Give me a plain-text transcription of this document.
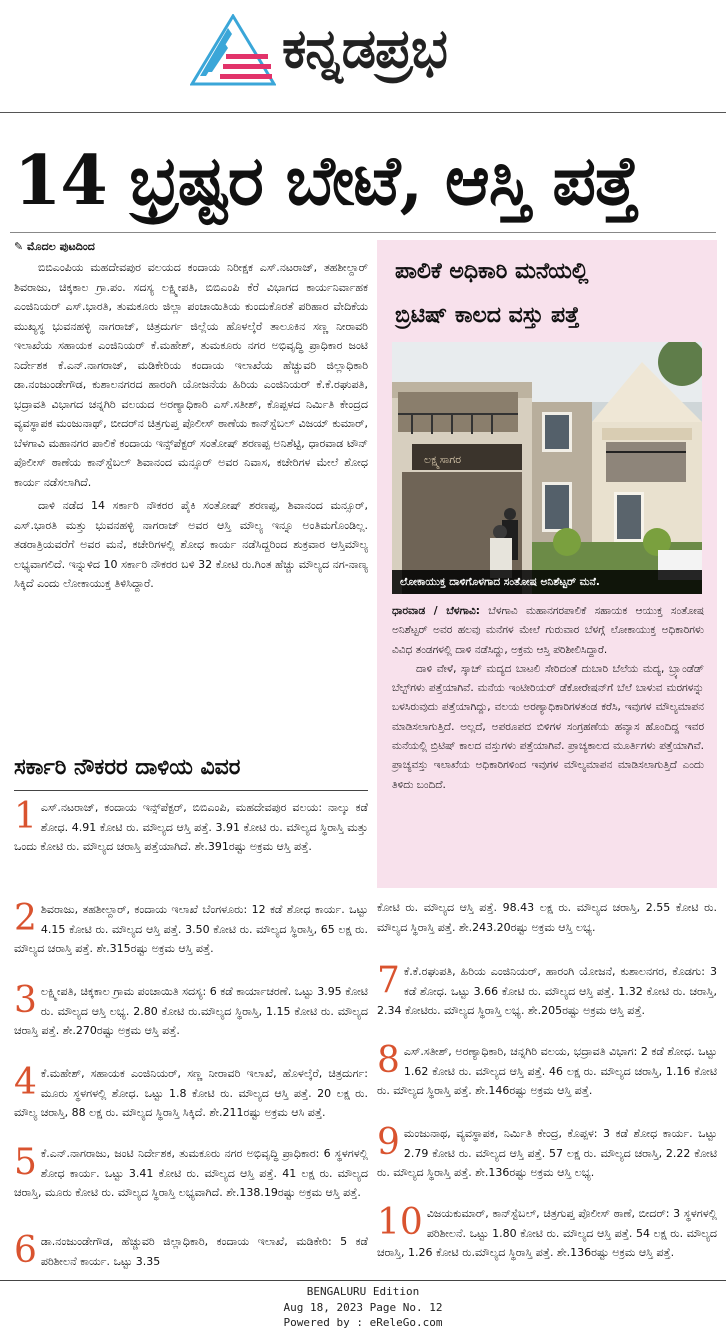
ಕನ್ನಡಪ್ರಭ
14 ಭ್ರಷ್ಟರ ಬೇಟೆ, ಆಸ್ತಿ ಪತ್ತೆ
✎ ಮೊದಲ ಪುಟದಿಂದ

ಬಿಬಿಎಂಪಿಯ ಮಹದೇವಪುರ ವಲಯದ ಕಂದಾಯ ನಿರೀಕ್ಷಕ ಎಸ್.ನಟರಾಜ್, ತಹಶೀಲ್ದಾರ್ ಶಿವರಾಜು, ಚಿಕ್ಕಕಾಲ ಗ್ರಾ.ಪಂ. ಸದಸ್ಯ ಲಕ್ಷ್ಮೀಪತಿ, ಬಿಬಿಎಂಪಿ ಕೆರೆ ವಿಭಾಗದ ಕಾರ್ಯನಿರ್ವಾಹಕ ಎಂಜಿನಿಯರ್ ಎಸ್.ಭಾರತಿ, ತುಮಕೂರು ಜಿಲ್ಲಾ ಪಂಚಾಯಿತಿಯ ಕುಂದುಕೊರತೆ ಪರಿಹಾರ ವೇದಿಕೆಯ ಮುಖ್ಯಸ್ಥ ಭುವನಹಳ್ಳಿ ನಾಗರಾಜ್, ಚಿತ್ರದುರ್ಗ ಜಿಲ್ಲೆಯ ಹೊಳಲ್ಕೆರೆ ತಾಲೂಕಿನ ಸಣ್ಣ ನೀರಾವರಿ ಇಲಾಖೆಯ ಸಹಾಯಕ ಎಂಜಿನಿಯರ್ ಕೆ.ಮಹೇಶ್, ತುಮಕೂರು ನಗರ ಅಭಿವೃದ್ಧಿ ಪ್ರಾಧಿಕಾರ ಜಂಟಿ ನಿರ್ದೇಶಕ ಕೆ.ಎನ್.ನಾಗರಾಜ್, ಮಡಿಕೇರಿಯ ಕಂದಾಯ ಇಲಾಖೆಯ ಹೆಚ್ಚುವರಿ ಜಿಲ್ಲಾಧಿಕಾರಿ ಡಾ.ನಂಜುಂಡೇಗೌಡ, ಕುಶಾಲನಗರದ ಹಾರಂಗಿ ಯೋಜನೆಯ ಹಿರಿಯ ಎಂಜಿನಿಯರ್ ಕೆ.ಕೆ.ರಘುಪತಿ, ಭದ್ರಾವತಿ ವಿಭಾಗದ ಚನ್ನಗಿರಿ ವಲಯದ ಅರಣ್ಯಾಧಿಕಾರಿ ಎಸ್.ಸತೀಶ್, ಕೊಪ್ಪಳದ ನಿರ್ಮಿತಿ ಕೇಂದ್ರದ ವ್ಯವಸ್ಥಾಪಕ ಮಂಜುನಾಥ್, ಬೀದರ್‌ನ ಚಿತ್ರಗುಪ್ತ ಪೊಲೀಸ್ ಠಾಣೆಯ ಕಾನ್‌ಸ್ಟೆಬಲ್ ವಿಜಯ್ ಕುಮಾರ್, ಬೆಳಗಾವಿ ಮಹಾನಗರ ಪಾಲಿಕೆ ಕಂದಾಯ ಇನ್ಸ್‌ಪೆಕ್ಟರ್ ಸಂತೋಷ್ ಶರಣಪ್ಪ ಅನಿಶೆಟ್ಟಿ, ಧಾರವಾಡ ಟೌನ್ ಪೊಲೀಸ್ ಠಾಣೆಯ ಕಾನ್‌ಸ್ಟೆಬಲ್ ಶಿವಾನಂದ ಮನ್ಸೂರ್ ಅವರ ನಿವಾಸ, ಕಚೇರಿಗಳ ಮೇಲೆ ಶೋಧ ಕಾರ್ಯ ನಡೆಸಲಾಗಿದೆ.

ದಾಳಿ ನಡೆದ 14 ಸರ್ಕಾರಿ ನೌಕರರ ಪೈಕಿ ಸಂತೋಷ್ ಶರಣಪ್ಪ, ಶಿವಾನಂದ ಮನ್ಸೂರ್, ಎಸ್.ಭಾರತಿ ಮತ್ತು ಭುವನಹಳ್ಳಿ ನಾಗರಾಜ್ ಅವರ ಆಸ್ತಿ ಮೌಲ್ಯ ಇನ್ನೂ ಅಂತಿಮಗೊಂಡಿಲ್ಲ. ತಡರಾತ್ರಿಯವರೆಗೆ ಅವರ ಮನೆ, ಕಚೇರಿಗಳಲ್ಲಿ ಶೋಧ ಕಾರ್ಯ ನಡೆಸಿದ್ದರಿಂದ ಶುಕ್ರವಾರ ಆಸ್ತಿಮೌಲ್ಯ ಲಭ್ಯವಾಗಲಿದೆ. ಇನ್ನುಳಿದ 10 ಸರ್ಕಾರಿ ನೌಕರರ ಬಳಿ 32 ಕೋಟಿ ರು.ಗಿಂತ ಹೆಚ್ಚು ಮೌಲ್ಯದ ನಗ-ನಾಣ್ಯ ಸಿಕ್ಕಿದೆ ಎಂದು ಲೋಕಾಯುಕ್ತ ತಿಳಿಸಿದ್ದಾರೆ.

ಸರ್ಕಾರಿ ನೌಕರರ ದಾಳಿಯ ವಿವರ
1 ಎಸ್.ನಟರಾಜ್, ಕಂದಾಯ ಇನ್ಸ್‌ಪೆಕ್ಟರ್, ಬಿಬಿಎಂಪಿ, ಮಹದೇವಪುರ ವಲಯ: ನಾಲ್ಕು ಕಡೆ ಶೋಧ. 4.91 ಕೋಟಿ ರು. ಮೌಲ್ಯದ ಆಸ್ತಿ ಪತ್ತೆ. 3.91 ಕೋಟಿ ರು. ಮೌಲ್ಯದ ಸ್ಥಿರಾಸ್ತಿ ಮತ್ತು ಒಂದು ಕೋಟಿ ರು. ಮೌಲ್ಯದ ಚರಾಸ್ತಿ ಪತ್ತೆಯಾಗಿದೆ. ಶೇ.391ರಷ್ಟು ಅಕ್ರಮ ಆಸ್ತಿ ಪತ್ತೆ.
2 ಶಿವರಾಜು, ತಹಶೀಲ್ದಾರ್, ಕಂದಾಯ ಇಲಾಖೆ ಬೆಂಗಳೂರು: 12 ಕಡೆ ಶೋಧ ಕಾರ್ಯ. ಒಟ್ಟು 4.15 ಕೋಟಿ ರು. ಮೌಲ್ಯದ ಆಸ್ತಿ ಪತ್ತೆ. 3.50 ಕೋಟಿ ರು. ಮೌಲ್ಯದ ಸ್ಥಿರಾಸ್ತಿ, 65 ಲಕ್ಷ ರು. ಮೌಲ್ಯದ ಚರಾಸ್ತಿ ಪತ್ತೆ. ಶೇ.315ರಷ್ಟು ಅಕ್ರಮ ಆಸ್ತಿ ಪತ್ತೆ.
3 ಲಕ್ಷ್ಮೀಪತಿ, ಚಿಕ್ಕಕಾಲ ಗ್ರಾಮ ಪಂಚಾಯಿತಿ ಸದಸ್ಯ: 6 ಕಡೆ ಕಾರ್ಯಾಚರಣೆ. ಒಟ್ಟು 3.95 ಕೋಟಿ ರು. ಮೌಲ್ಯದ ಆಸ್ತಿ ಲಭ್ಯ. 2.80 ಕೋಟಿ ರು.ಮೌಲ್ಯದ ಸ್ಥಿರಾಸ್ತಿ, 1.15 ಕೋಟಿ ರು. ಮೌಲ್ಯದ ಚರಾಸ್ತಿ ಪತ್ತೆ. ಶೇ.270ರಷ್ಟು ಅಕ್ರಮ ಆಸ್ತಿ ಪತ್ತೆ.
4 ಕೆ.ಮಹೇಶ್, ಸಹಾಯಕ ಎಂಜಿನಿಯರ್, ಸಣ್ಣ ನೀರಾವರಿ ಇಲಾಖೆ, ಹೊಳಲ್ಕೆರೆ, ಚಿತ್ರದುರ್ಗ: ಮೂರು ಸ್ಥಳಗಳಲ್ಲಿ ಶೋಧ. ಒಟ್ಟು 1.8 ಕೋಟಿ ರು. ಮೌಲ್ಯದ ಆಸ್ತಿ ಪತ್ತೆ. 20 ಲಕ್ಷ ರು. ಮೌಲ್ಯ ಚರಾಸ್ತಿ, 88 ಲಕ್ಷ ರು. ಮೌಲ್ಯದ ಸ್ಥಿರಾಸ್ತಿ ಸಿಕ್ಕಿದೆ. ಶೇ.211ರಷ್ಟು ಅಕ್ರಮ ಆಸಿ ಪತ್ತೆ.
5 ಕೆ.ಎನ್.ನಾಗರಾಜು, ಜಂಟಿ ನಿರ್ದೇಶಕ, ತುಮಕೂರು ನಗರ ಅಭಿವೃದ್ಧಿ ಪ್ರಾಧಿಕಾರ: 6 ಸ್ಥಳಗಳಲ್ಲಿ ಶೋಧ ಕಾರ್ಯ. ಒಟ್ಟು 3.41 ಕೋಟಿ ರು. ಮೌಲ್ಯದ ಆಸ್ತಿ ಪತ್ತೆ. 41 ಲಕ್ಷ ರು. ಮೌಲ್ಯದ ಚರಾಸ್ತಿ, ಮೂರು ಕೋಟಿ ರು. ಮೌಲ್ಯದ ಸ್ಥಿರಾಸ್ತಿ ಲಭ್ಯವಾಗಿದೆ. ಶೇ.138.19ರಷ್ಟು ಅಕ್ರಮ ಆಸ್ತಿ ಪತ್ತೆ.
6 ಡಾ.ನಂಜುಂಡೇಗೌಡ, ಹೆಚ್ಚುವರಿ ಜಿಲ್ಲಾಧಿಕಾರಿ, ಕಂದಾಯ ಇಲಾಖೆ, ಮಡಿಕೇರಿ: 5 ಕಡೆ ಪರಿಶೀಲನೆ ಕಾರ್ಯ. ಒಟ್ಟು 3.35
ಪಾಲಿಕೆ ಅಧಿಕಾರಿ ಮನೆಯಲ್ಲಿ
ಬ್ರಿಟಿಷ್ ಕಾಲದ ವಸ್ತು ಪತ್ತೆ
ಲಕ್ಷ್ಮಸಾಗರ
ಲೋಕಾಯುಕ್ತ ದಾಳಿಗೊಳಗಾದ ಸಂತೋಷ ಅನಿಶೆಟ್ಟರ್ ಮನೆ.

ಧಾರವಾಡ / ಬೆಳಗಾವಿ: ಬೆಳಗಾವಿ ಮಹಾನಗರಪಾಲಿಕೆ ಸಹಾಯಕ ಆಯುಕ್ತ ಸಂತೋಷ ಅನಿಶೆಟ್ಟರ್ ಅವರ ಹಲವು ಮನೆಗಳ ಮೇಲೆ ಗುರುವಾರ ಬೆಳಗ್ಗೆ ಲೋಕಾಯುಕ್ತ ಅಧಿಕಾರಿಗಳು ವಿವಿಧ ತಂಡಗಳಲ್ಲಿ ದಾಳಿ ನಡೆಸಿದ್ದು, ಅಕ್ರಮ ಆಸ್ತಿ ಪರಿಶೀಲಿಸಿದ್ದಾರೆ.

ದಾಳಿ ವೇಳೆ, ಸ್ಕಾಚ್ ಮದ್ಯದ ಬಾಟಲಿ ಸೇರಿದಂತೆ ದುಬಾರಿ ಬೆಲೆಯ ಮದ್ಯ, ಬ್ರ್ಯಾಂಡೆಡ್ ಬೆಲ್ಟ್‌ಗಳು ಪತ್ತೆಯಾಗಿವೆ. ಮನೆಯ ಇಂಟೀರಿಯರ್ ಡೆಕೋರೇಷನ್‌ಗೆ ಬೆಲೆ ಬಾಳುವ ಮರಗಳನ್ನು ಬಳಸಿರುವುದು ಪತ್ತೆಯಾಗಿದ್ದು, ವಲಯ ಅರಣ್ಯಾಧಿಕಾರಿಗಳತಂಡ ಕರೆಸಿ, ಇವುಗಳ ಮೌಲ್ಯಮಾಪನ ಮಾಡಿಸಲಾಗುತ್ತಿದೆ. ಅಲ್ಲದೆ, ಅಪರೂಪದ ಬಿಳಿಗಳ ಸಂಗ್ರಹಣೆಯ ಹವ್ಯಾಸ ಹೊಂದಿದ್ದ ಇವರ ಮನೆಯಲ್ಲಿ ಬ್ರಿಟಿಷ್ ಕಾಲದ ವಸ್ತುಗಳು ಪತ್ತೆಯಾಗಿವೆ. ಪ್ರಾಚ್ಯಕಾಲದ ಮೂರ್ತಿಗಳು ಪತ್ತೆಯಾಗಿವೆ. ಪ್ರಾಚ್ಯವಸ್ತು ಇಲಾಖೆಯ ಅಧಿಕಾರಿಗಳಿಂದ ಇವುಗಳ ಮೌಲ್ಯಮಾಪನ ಮಾಡಿಸಲಾಗುತ್ತಿದೆ ಎಂದು ತಿಳಿದು ಬಂದಿದೆ.

ಕೋಟಿ ರು. ಮೌಲ್ಯದ ಆಸ್ತಿ ಪತ್ತೆ. 98.43 ಲಕ್ಷ ರು. ಮೌಲ್ಯದ ಚರಾಸ್ತಿ, 2.55 ಕೋಟಿ ರು. ಮೌಲ್ಯದ ಸ್ಥಿರಾಸ್ತಿ ಪತ್ತೆ. ಶೇ.243.20ರಷ್ಟು ಅಕ್ರಮ ಆಸ್ತಿ ಲಭ್ಯ.
7 ಕೆ.ಕೆ.ರಘುಪತಿ, ಹಿರಿಯ ಎಂಜಿನಿಯರ್, ಹಾರಂಗಿ ಯೋಜನೆ, ಕುಶಾಲನಗರ, ಕೊಡಗು: 3 ಕಡೆ ಶೋಧ. ಒಟ್ಟು 3.66 ಕೋಟಿ ರು. ಮೌಲ್ಯದ ಆಸ್ತಿ ಪತ್ತೆ. 1.32 ಕೋಟಿ ರು. ಚರಾಸ್ತಿ, 2.34 ಕೋಟಿರು. ಮೌಲ್ಯದ ಸ್ಥಿರಾಸ್ತಿ ಲಭ್ಯ. ಶೇ.205ರಷ್ಟು ಅಕ್ರಮ ಆಸ್ತಿ ಪತ್ತೆ.
8 ಎಸ್.ಸತೀಶ್, ಅರಣ್ಯಾಧಿಕಾರಿ, ಚನ್ನಗಿರಿ ವಲಯ, ಭದ್ರಾವತಿ ವಿಭಾಗ: 2 ಕಡೆ ಶೋಧ. ಒಟ್ಟು 1.62 ಕೋಟಿ ರು. ಮೌಲ್ಯದ ಆಸ್ತಿ ಪತ್ತೆ. 46 ಲಕ್ಷ ರು. ಮೌಲ್ಯದ ಚರಾಸ್ತಿ, 1.16 ಕೋಟಿ ರು. ಮೌಲ್ಯದ ಸ್ಥಿರಾಸ್ತಿ ಪತ್ತೆ. ಶೇ.146ರಷ್ಟು ಅಕ್ರಮ ಆಸ್ತಿ ಪತ್ತೆ.
9 ಮಂಜುನಾಥ, ವ್ಯವಸ್ಥಾಪಕ, ನಿರ್ಮಿತಿ ಕೇಂದ್ರ, ಕೊಪ್ಪಳ: 3 ಕಡೆ ಶೋಧ ಕಾರ್ಯ. ಒಟ್ಟು 2.79 ಕೋಟಿ ರು. ಮೌಲ್ಯದ ಆಸ್ತಿ ಪತ್ತೆ. 57 ಲಕ್ಷ ರು. ಮೌಲ್ಯದ ಚರಾಸ್ತಿ, 2.22 ಕೋಟಿ ರು. ಮೌಲ್ಯದ ಸ್ಥಿರಾಸ್ತಿ ಪತ್ತೆ. ಶೇ.136ರಷ್ಟು ಅಕ್ರಮ ಆಸ್ತಿ ಲಭ್ಯ.
10 ವಿಜಯಕುಮಾರ್, ಕಾನ್‌ಸ್ಟೆಬಲ್, ಚಿತ್ರಗುಪ್ತ ಪೊಲೀಸ್ ಠಾಣೆ, ಬೀದರ್: 3 ಸ್ಥಳಗಳಲ್ಲಿ ಪರಿಶೀಲನೆ. ಒಟ್ಟು 1.80 ಕೋಟಿ ರು. ಮೌಲ್ಯದ ಆಸ್ತಿ ಪತ್ತೆ. 54 ಲಕ್ಷ ರು. ಮೌಲ್ಯದ ಚರಾಸ್ತಿ, 1.26 ಕೋಟಿ ರು.ಮೌಲ್ಯದ ಸ್ಥಿರಾಸ್ತಿ ಪತ್ತೆ. ಶೇ.136ರಷ್ಟು ಅಕ್ರಮ ಆಸ್ತಿ ಪತ್ತೆ.
BENGALURU Edition
Aug 18, 2023 Page No. 12
Powered by : eReleGo.com
